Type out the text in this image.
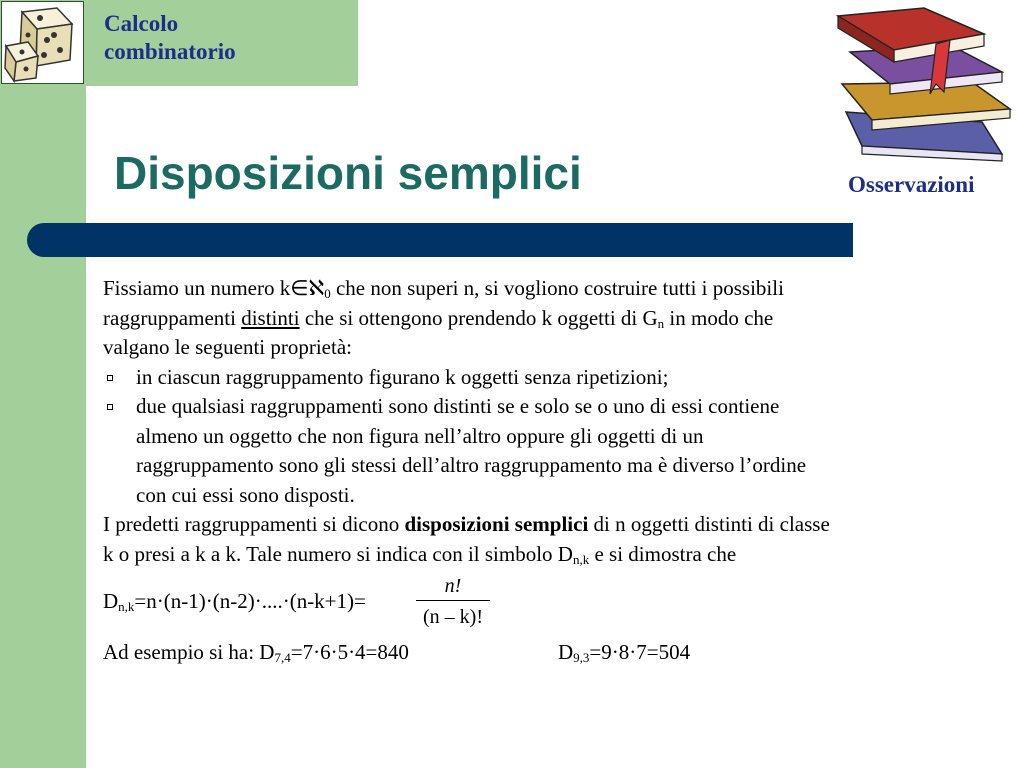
Calcolo
combinatorio
Disposizioni semplici	Osservazioni
Fissiamo un numero k∈ℵ$_0$ che non superi n, si vogliono costruire tutti i possibili
raggruppamenti distinti che si ottengono prendendo k oggetti di $G_n$ in modo che
valgano le seguenti proprietà:
in ciascun raggruppamento figurano k oggetti senza ripetizioni;
due qualsiasi raggruppamenti sono distinti se e solo se o uno di essi contiene
almeno un oggetto che non figura nell’altro oppure gli oggetti di un
raggruppamento sono gli stessi dell’altro raggruppamento ma è diverso l’ordine
con cui essi sono disposti.
I predetti raggruppamenti si dicono disposizioni semplici di n oggetti distinti di classe
k o presi a k a k. Tale numero si indica con il simbolo $D_{n,k}$ e si dimostra che
$D_{n,k}=n\cdot(n-1)\cdot(n-2)\cdot....\cdot(n-k+1)=$
n!
(n – k)!
Ad esempio si ha: $D_{7,4}=7\cdot 6\cdot 5\cdot 4=840$	$D_{9,3}=9\cdot 8\cdot 7=504$
